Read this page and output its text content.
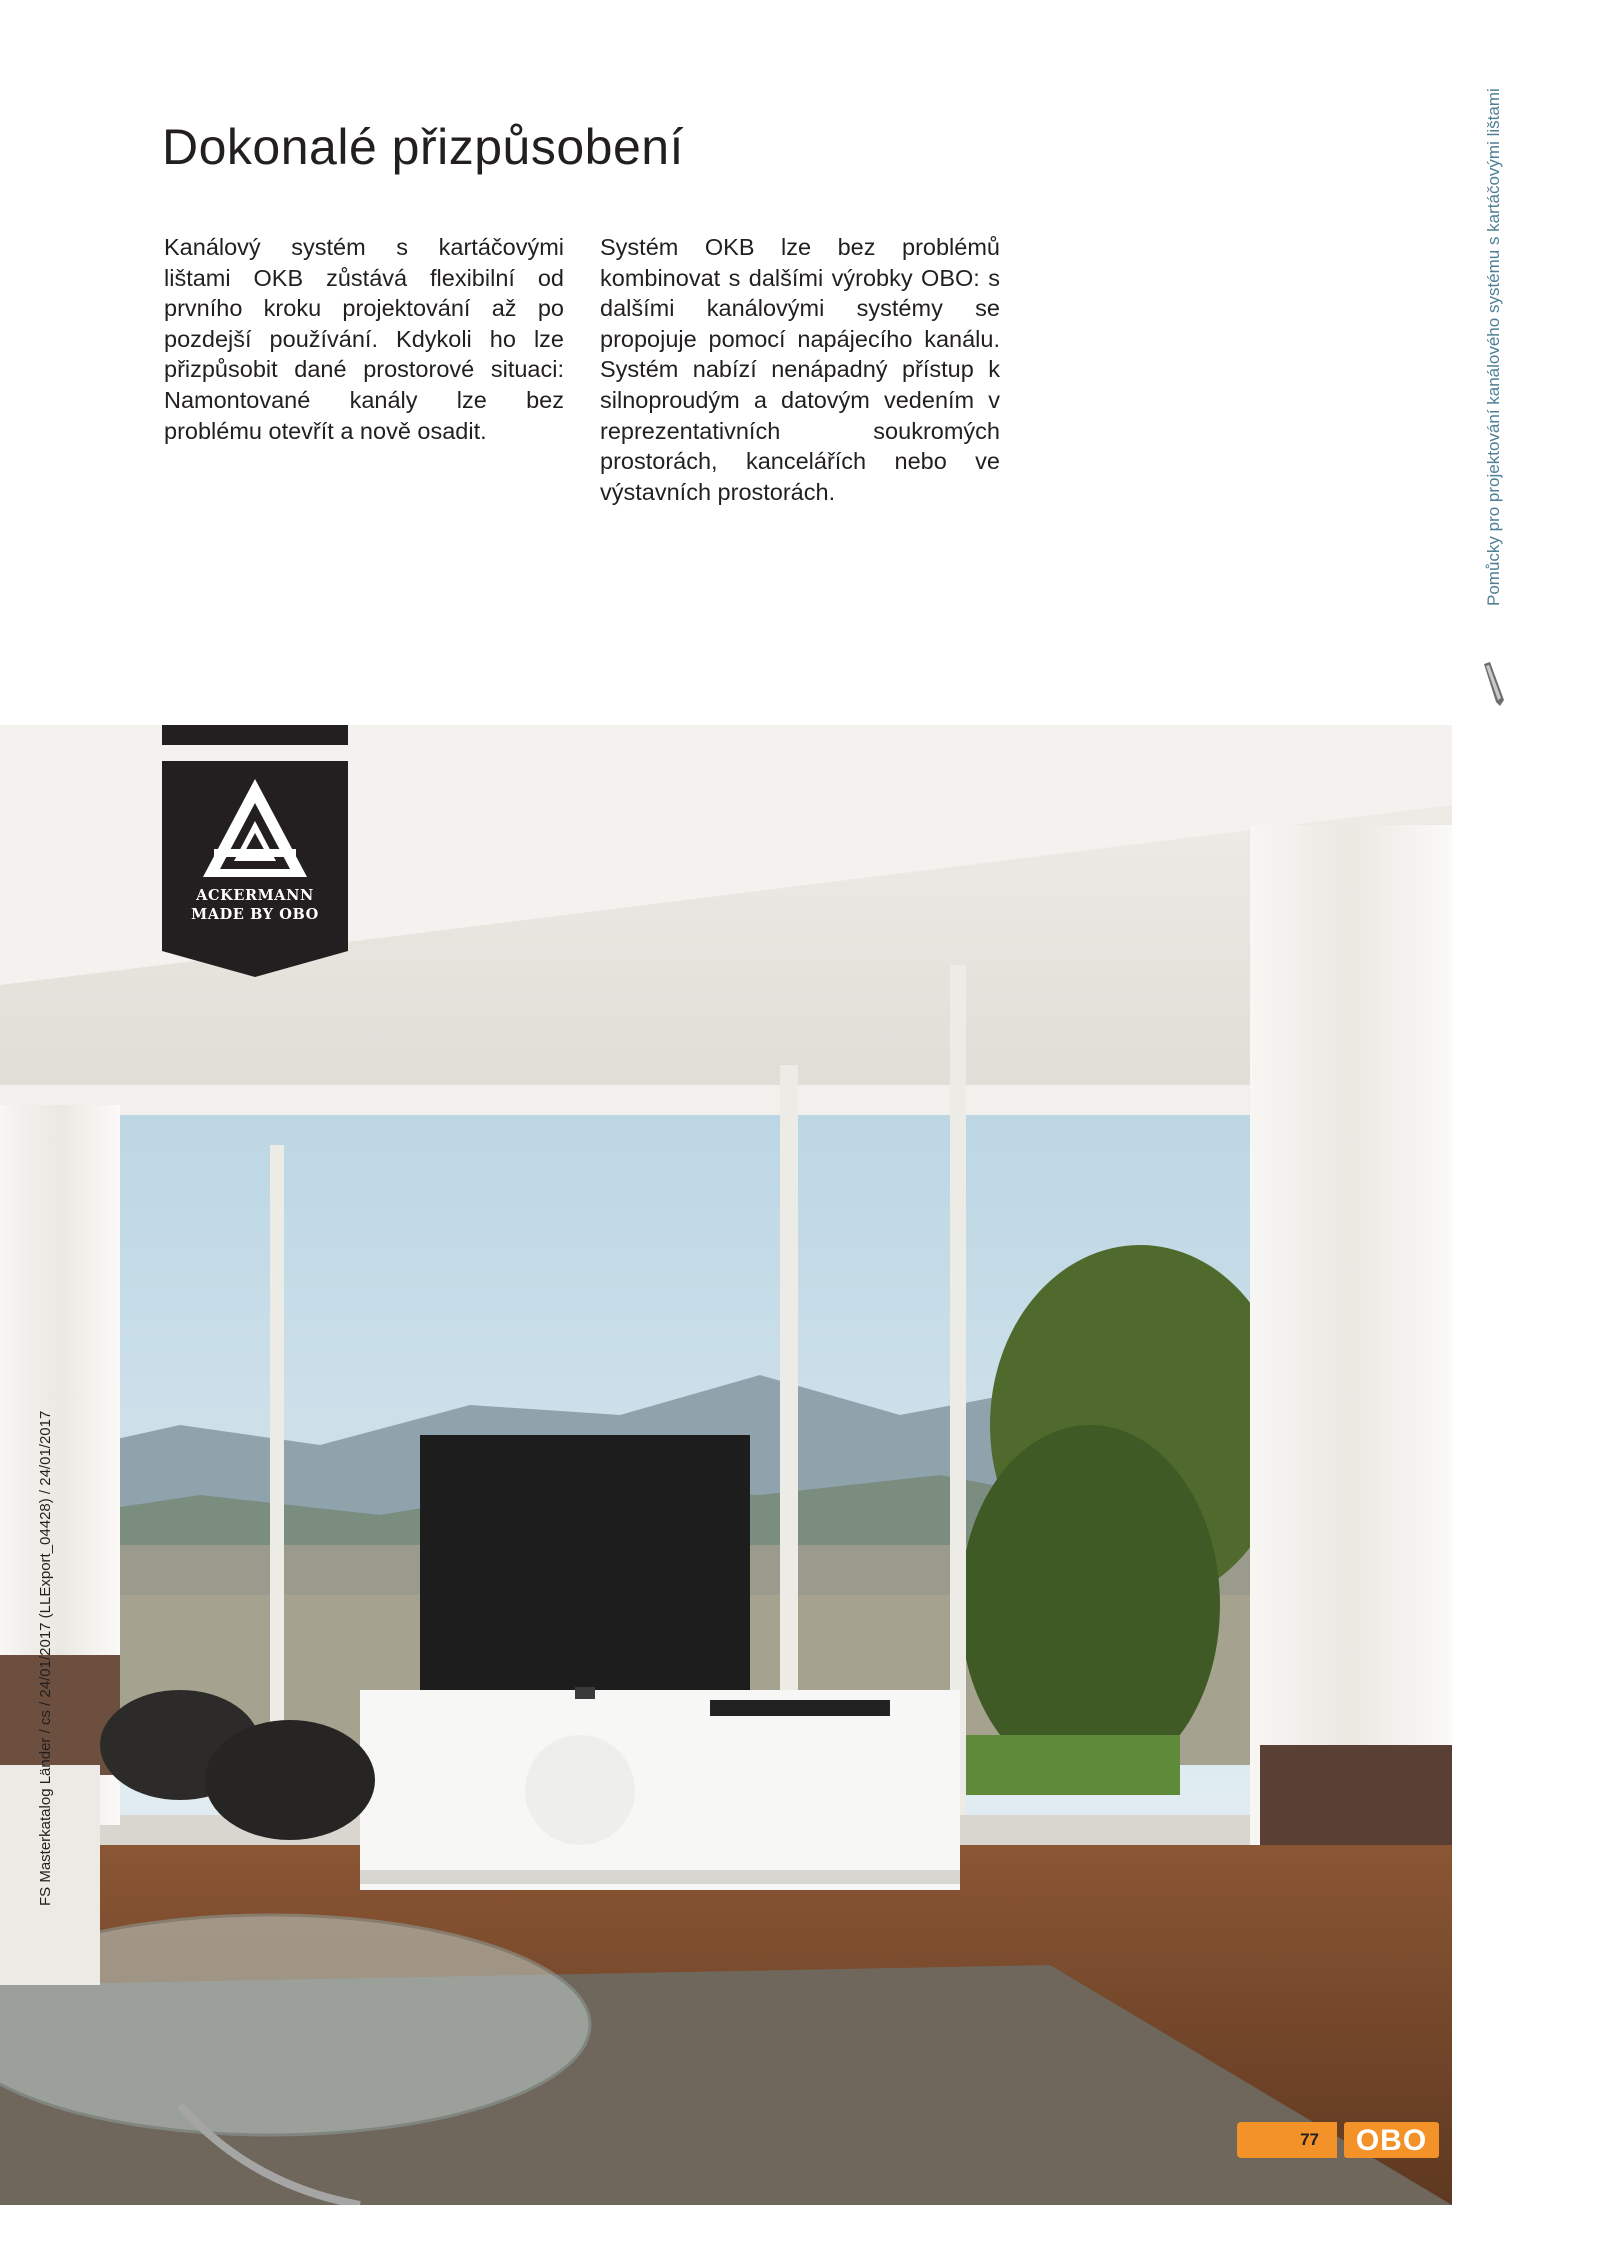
Dokonalé přizpůsobení

Kanálový systém s kartáčovými lištami OKB zůstává flexibilní od prvního kroku projektování až po pozdejší používání. Kdykoli ho lze přizpůsobit dané prostorové situaci: Namontované kanály lze bez problému otevřít a nově osadit.

Systém OKB lze bez problémů kombinovat s dalšími výrobky OBO: s dalšími kanálovými systémy se propojuje pomocí napájecího kanálu. Systém nabízí nenápadný přístup k silnoproudým a datovým vedením v reprezentativních soukromých prostorách, kancelářích nebo ve výstavních prostorách.

ACKERMANN
MADE BY OBO
Pomůcky pro projektování kanálového systému s kartáčovými lištami
FS Masterkatalog Länder / cs / 24/01/2017 (LLExport_04428) / 24/01/2017
77	OBO
